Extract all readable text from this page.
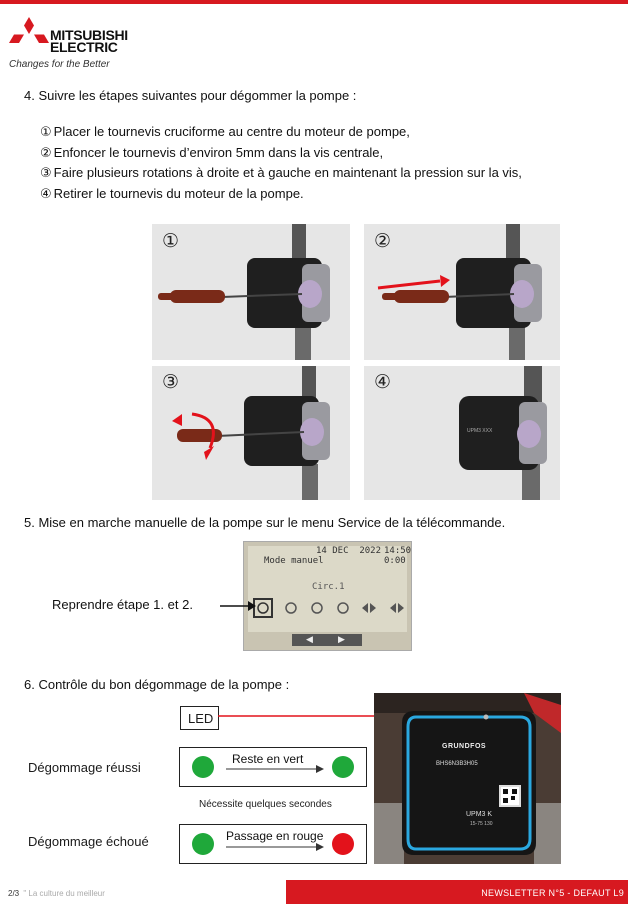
MITSUBISHI
ELECTRIC
Changes for the Better
4. Suivre les étapes suivantes pour dégommer la pompe :
① Placer le tournevis cruciforme au centre du moteur de pompe,
② Enfoncer le tournevis d’environ 5mm dans la vis centrale,
③ Faire plusieurs rotations à droite et à gauche en maintenant la pression sur la vis,
④ Retirer le tournevis du moteur de la pompe.
①	②
③
UPM3 XXX
④
5. Mise en marche manuelle de la pompe sur le menu Service de la télécommande.
14 DEC  2022 14:50
Mode manuel	0:00
Circ.1
◀	▶
Reprendre étape 1. et 2.
6. Contrôle du bon dégommage de la pompe :
LED
Dégommage réussi
Reste en vert
Nécessite quelques secondes
Dégommage échoué	Passage en rouge
GRUNDFOS
BHS6N3B3H05
UPM3 K
15-75 130
2/3 " La culture du meilleur	NEWSLETTER N°5 - DEFAUT L9
